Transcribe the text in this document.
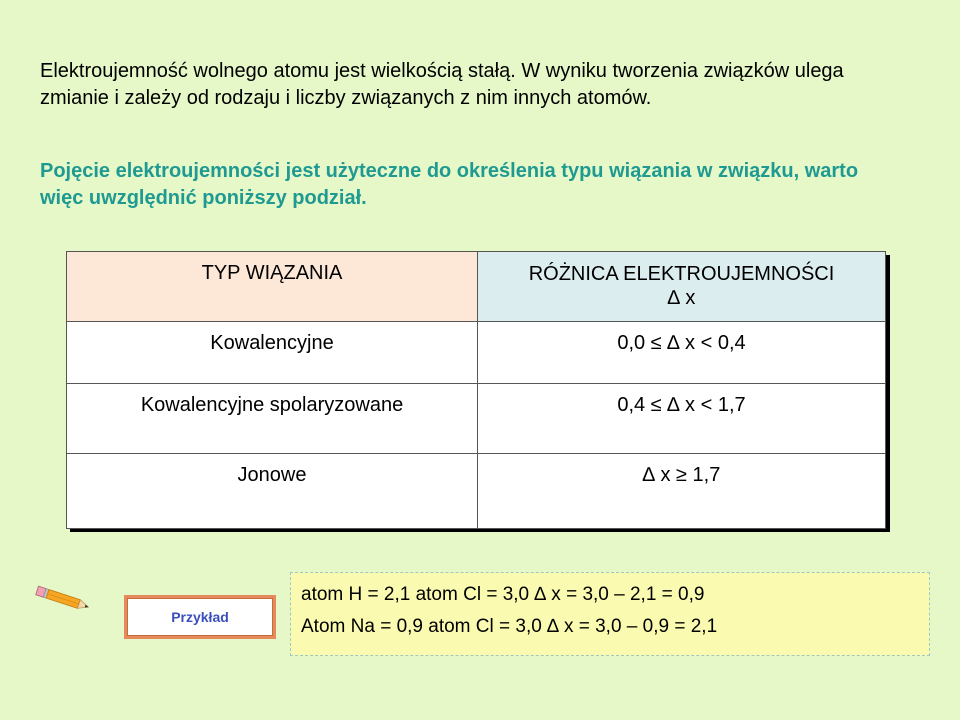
Elektroujemność wolnego atomu jest wielkością stałą. W wyniku tworzenia związków ulega zmianie i zależy od rodzaju i liczby związanych z nim innych atomów.
Pojęcie elektroujemności jest użyteczne do określenia typu wiązania w związku, warto więc uwzględnić poniższy podział.
TYP WIĄZANIA	RÓŻNICA ELEKTROUJEMNOŚCI
∆ x

Kowalencyjne	0,0 ≤ ∆ x < 0,4
Kowalencyjne spolaryzowane	0,4 ≤ ∆ x < 1,7
Jonowe	∆ x ≥ 1,7
Przykład
atom H = 2,1 atom Cl = 3,0 ∆ x = 3,0 – 2,1 = 0,9
Atom Na = 0,9 atom Cl = 3,0 ∆ x = 3,0 – 0,9 = 2,1
